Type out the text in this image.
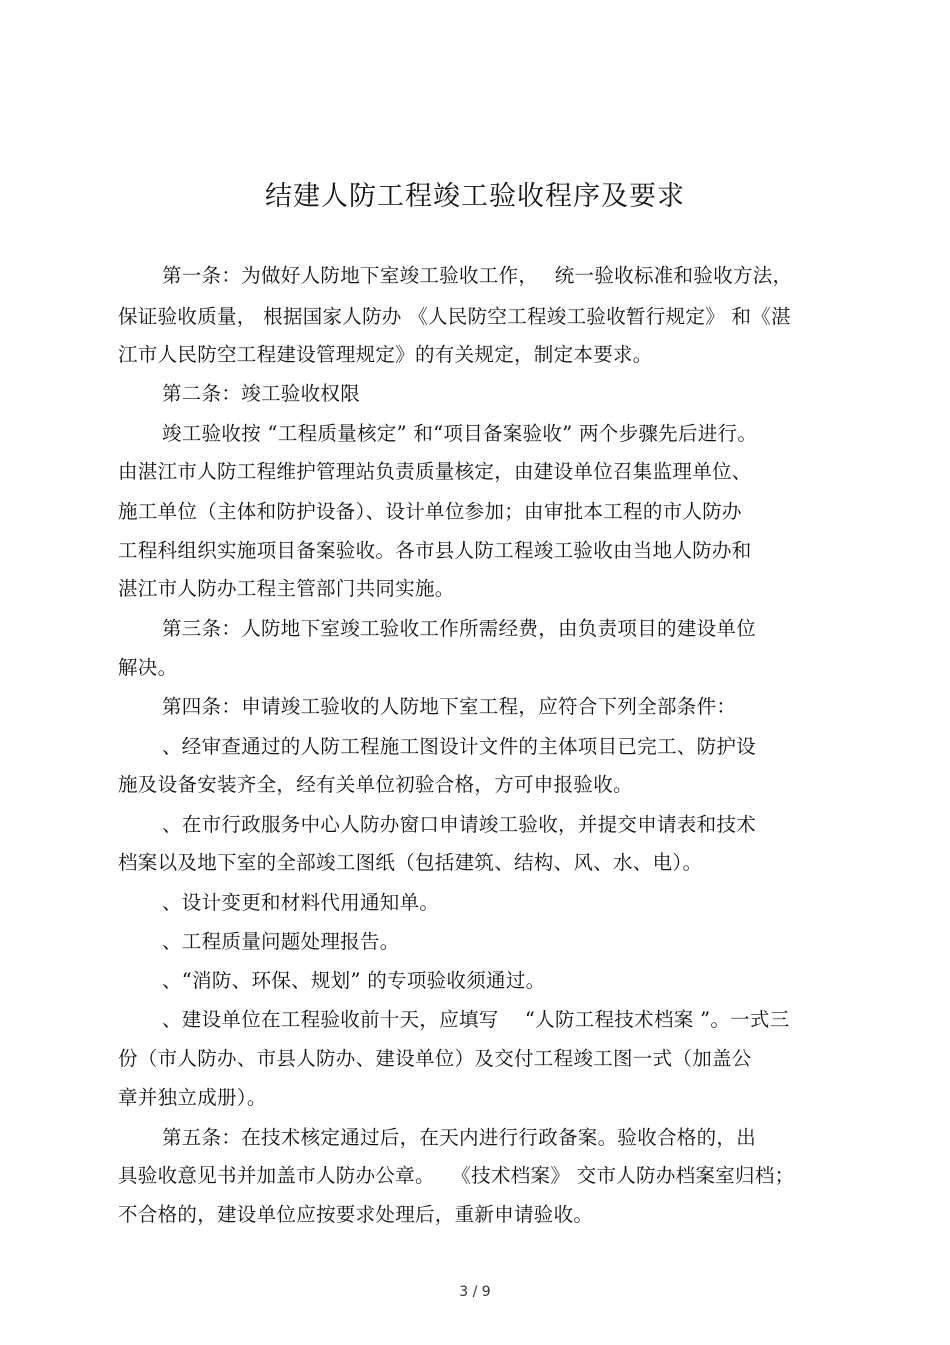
结建人防工程竣工验收程序及要求
第一条：为做好人防地下室竣工验收工作，　 统一验收标准和验收方法，
保证验收质量， 根据国家人防办 《人民防空工程竣工验收暂行规定》 和《湛
江市人民防空工程建设管理规定》的有关规定，制定本要求。
第二条：竣工验收权限
竣工验收按 “工程质量核定” 和“项目备案验收” 两个步骤先后进行。
由湛江市人防工程维护管理站负责质量核定，由建设单位召集监理单位、
施工单位（主体和防护设备）、设计单位参加；由审批本工程的市人防办
工程科组织实施项目备案验收。各市县人防工程竣工验收由当地人防办和
湛江市人防办工程主管部门共同实施。
第三条：人防地下室竣工验收工作所需经费，由负责项目的建设单位
解决。
第四条：申请竣工验收的人防地下室工程，应符合下列全部条件：
、经审查通过的人防工程施工图设计文件的主体项目已完工、防护设
施及设备安装齐全，经有关单位初验合格，方可申报验收。
、在市行政服务中心人防办窗口申请竣工验收，并提交申请表和技术
档案以及地下室的全部竣工图纸（包括建筑、结构、风、水、电）。
、设计变更和材料代用通知单。
、工程质量问题处理报告。
、“消防、环保、规划” 的专项验收须通过。
、建设单位在工程验收前十天，应填写　 “人防工程技术档案 ”。一式三
份（市人防办、市县人防办、建设单位）及交付工程竣工图一式（加盖公
章并独立成册）。
第五条：在技术核定通过后，在天内进行行政备案。验收合格的，出
具验收意见书并加盖市人防办公章。　 《技术档案》 交市人防办档案室归档；
不合格的，建设单位应按要求处理后，重新申请验收。
3 / 9
